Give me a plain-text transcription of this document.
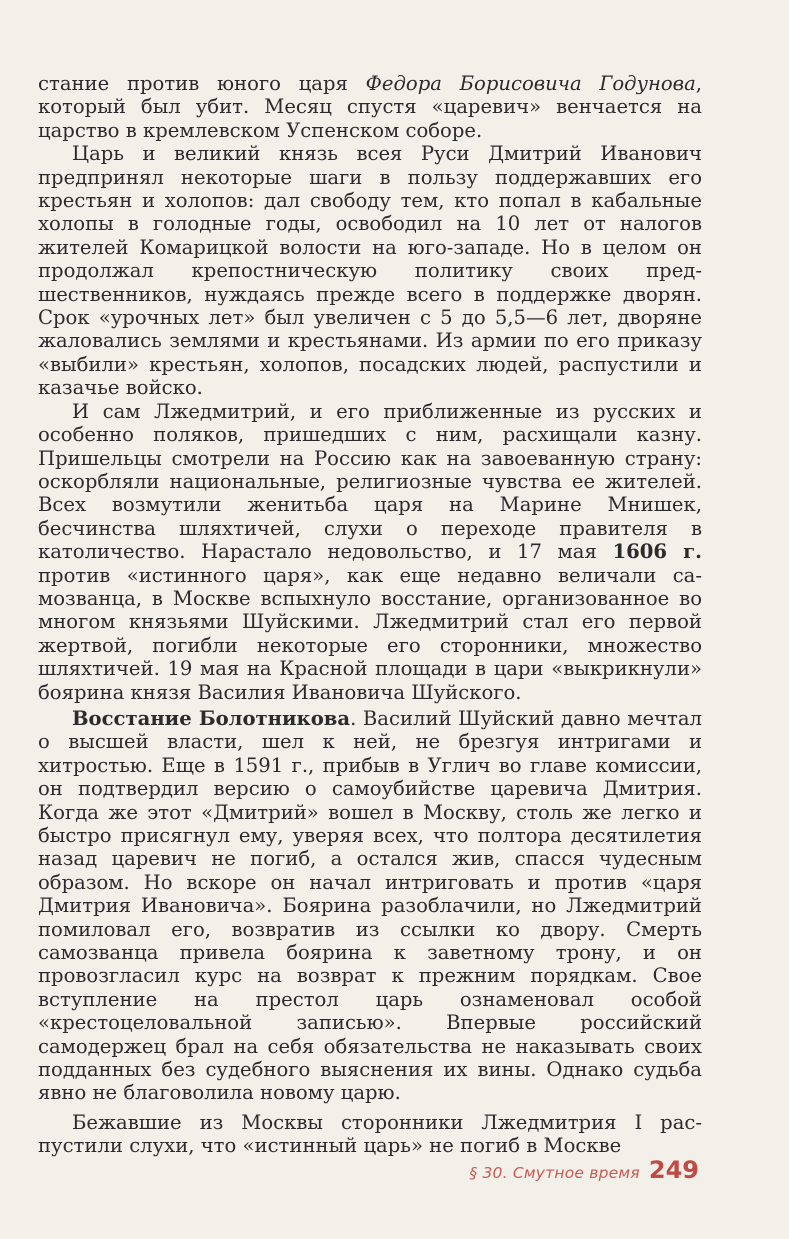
стание против юного царя Федора Борисовича Годунова, который был убит. Месяц спустя «царевич» венчается на царство в кремлевском Успенском соборе.

Царь и великий князь всея Руси Дмитрий Иванович предпринял некоторые шаги в пользу поддержавших его крестьян и холопов: дал свободу тем, кто попал в кабальные холопы в голодные годы, освободил на 10 лет от налогов жителей Комарицкой волости на юго-западе. Но в целом он продолжал крепостническую политику своих предшественников, нуждаясь прежде всего в поддержке дворян. Срок «урочных лет» был увеличен с 5 до 5,5—6 лет, дворяне жаловались землями и крестьянами. Из армии по его приказу «выбили» крестьян, холопов, посадских людей, распустили и казачье войско.

И сам Лжедмитрий, и его приближенные из русских и особенно поляков, пришедших с ним, расхищали казну. Пришельцы смотрели на Россию как на завоеванную страну: оскорбляли национальные, религиозные чувства ее жителей. Всех возмутили женитьба царя на Марине Мнишек, бесчинства шляхтичей, слухи о переходе правителя в католичество. Нарастало недовольство, и 17 мая 1606 г. против «истинного царя», как еще недавно величали самозванца, в Москве вспыхнуло восстание, организованное во многом князьями Шуйскими. Лжедмитрий стал его первой жертвой, погибли некоторые его сторонники, множество шляхтичей. 19 мая на Красной площади в цари «выкрикнули» боярина князя Василия Ивановича Шуйского.

Восстание Болотникова. Василий Шуйский давно мечтал о высшей власти, шел к ней, не брезгуя интригами и хитростью. Еще в 1591 г., прибыв в Углич во главе комиссии, он подтвердил версию о самоубийстве царевича Дмитрия. Когда же этот «Дмитрий» вошел в Москву, столь же легко и быстро присягнул ему, уверяя всех, что полтора десятилетия назад царевич не погиб, а остался жив, спасся чудесным образом. Но вскоре он начал интриговать и против «царя Дмитрия Ивановича». Боярина разоблачили, но Лжедмитрий помиловал его, возвратив из ссылки ко двору. Смерть самозванца привела боярина к заветному трону, и он провозгласил курс на возврат к прежним порядкам. Свое вступление на престол царь ознаменовал особой «крестоцеловальной записью». Впервые российский самодержец брал на себя обязательства не наказывать своих подданных без судебного выяснения их вины. Однако судьба явно не благоволила новому царю.

Бежавшие из Москвы сторонники Лжедмитрия I распустили слухи, что «истинный царь» не погиб в Москве

§ 30. Смутное время 249
